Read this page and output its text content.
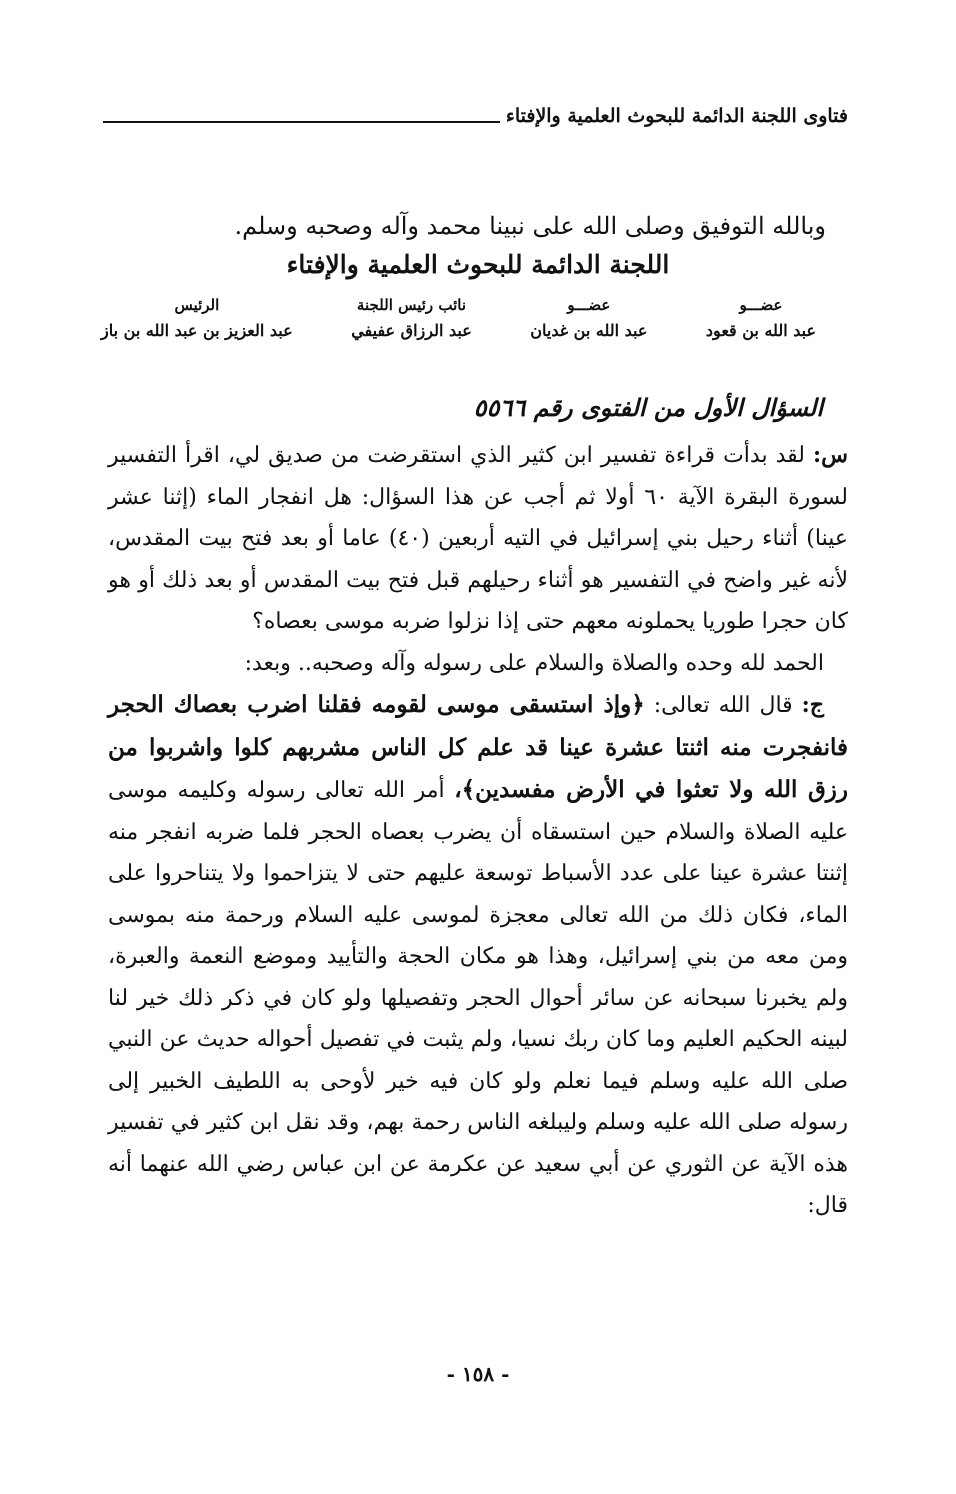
فتاوى اللجنة الدائمة للبحوث العلمية والإفتاء
وبالله التوفيق وصلى الله على نبينا محمد وآله وصحبه وسلم.
اللجنة الدائمة للبحوث العلمية والإفتاء
عضـــو
عبد الله بن قعود
عضـــو
عبد الله بن غديان
نائب رئيس اللجنة
عبد الرزاق عفيفي
الرئيس
عبد العزيز بن عبد الله بن باز
السؤال الأول من الفتوى رقم ٥٥٦٦

س: لقد بدأت قراءة تفسير ابن كثير الذي استقرضت من صديق لي، اقرأ التفسير لسورة البقرة الآية ٦٠ أولا ثم أجب عن هذا السؤال: هل انفجار الماء (إثنا عشر عينا) أثناء رحيل بني إسرائيل في التيه أربعين (٤٠) عاما أو بعد فتح بيت المقدس، لأنه غير واضح في التفسير هو أثناء رحيلهم قبل فتح بيت المقدس أو بعد ذلك أو هو كان حجرا طوريا يحملونه معهم حتى إذا نزلوا ضربه موسى بعصاه؟

الحمد لله وحده والصلاة والسلام على رسوله وآله وصحبه.. وبعد:

ج: قال الله تعالى: ﴿وإذ استسقى موسى لقومه فقلنا اضرب بعصاك الحجر فانفجرت منه اثنتا عشرة عينا قد علم كل الناس مشربهم كلوا واشربوا من رزق الله ولا تعثوا في الأرض مفسدين﴾، أمر الله تعالى رسوله وكليمه موسى عليه الصلاة والسلام حين استسقاه أن يضرب بعصاه الحجر فلما ضربه انفجر منه إثنتا عشرة عينا على عدد الأسباط توسعة عليهم حتى لا يتزاحموا ولا يتناحروا على الماء، فكان ذلك من الله تعالى معجزة لموسى عليه السلام ورحمة منه بموسى ومن معه من بني إسرائيل، وهذا هو مكان الحجة والتأييد وموضع النعمة والعبرة، ولم يخبرنا سبحانه عن سائر أحوال الحجر وتفصيلها ولو كان في ذكر ذلك خير لنا لبينه الحكيم العليم وما كان ربك نسيا، ولم يثبت في تفصيل أحواله حديث عن النبي صلى الله عليه وسلم فيما نعلم ولو كان فيه خير لأوحى به اللطيف الخبير إلى رسوله صلى الله عليه وسلم وليبلغه الناس رحمة بهم، وقد نقل ابن كثير في تفسير هذه الآية عن الثوري عن أبي سعيد عن عكرمة عن ابن عباس رضي الله عنهما أنه قال:

- ١٥٨ -
